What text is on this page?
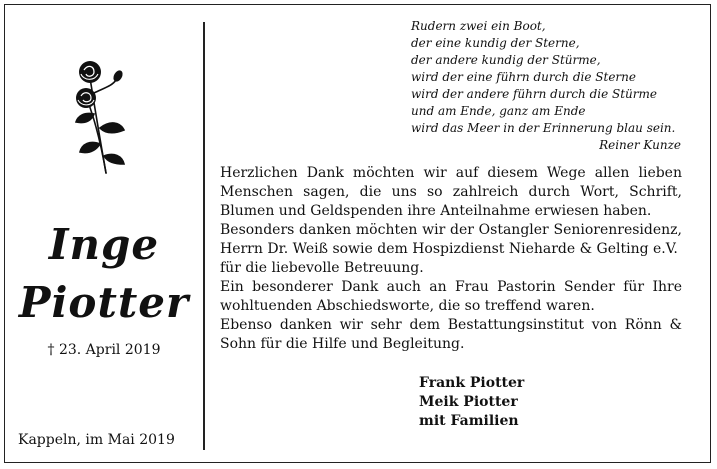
Inge
Piotter
† 23. April 2019
Kappeln, im Mai 2019
Rudern zwei ein Boot,
der eine kundig der Sterne,
der andere kundig der Stürme,
wird der eine führn durch die Sterne
wird der andere führn durch die Stürme
und am Ende, ganz am Ende
wird das Meer in der Erinnerung blau sein.
Reiner Kunze
Herzlichen Dank möchten wir auf diesem Wege allen lieben
Menschen sagen, die uns so zahlreich durch Wort, Schrift,
Blumen und Geldspenden ihre Anteilnahme erwiesen haben.
Besonders danken möchten wir der Ostangler Seniorenresidenz,
Herrn Dr. Weiß sowie dem Hospizdienst Nieharde & Gelting e.V.
für die liebevolle Betreuung.
Ein besonderer Dank auch an Frau Pastorin Sender für Ihre
wohltuenden Abschiedsworte, die so treffend waren.
Ebenso danken wir sehr dem Bestattungsinstitut von Rönn &
Sohn für die Hilfe und Begleitung.
Frank Piotter
Meik Piotter
mit Familien
